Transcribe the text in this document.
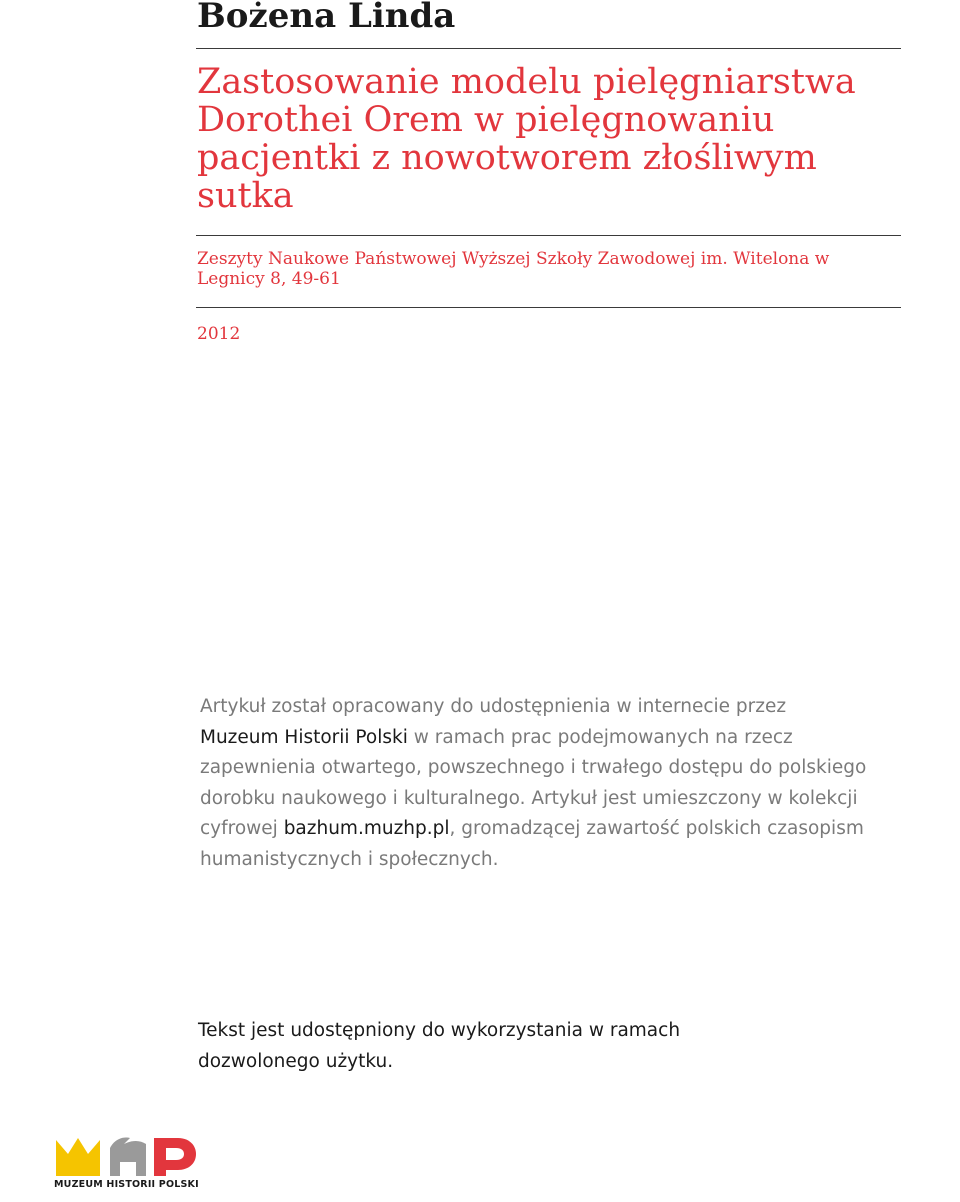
Bożena Linda
Zastosowanie modelu pielęgniarstwa
Dorothei Orem w pielęgnowaniu
pacjentki z nowotworem złośliwym
sutka

Zeszyty Naukowe Państwowej Wyższej Szkoły Zawodowej im. Witelona w
Legnicy 8, 49-61

2012

Artykuł został opracowany do udostępnienia w internecie przez
Muzeum Historii Polski w ramach prac podejmowanych na rzecz zapewnienia otwartego, powszechnego i trwałego dostępu do polskiego dorobku naukowego i kulturalnego. Artykuł jest umieszczony w kolekcji cyfrowej bazhum.muzhp.pl, gromadzącej zawartość polskich czasopism humanistycznych i społecznych.

Tekst jest udostępniony do wykorzystania w ramach
dozwolonego użytku.

MUZEUM HISTORII POLSKI
